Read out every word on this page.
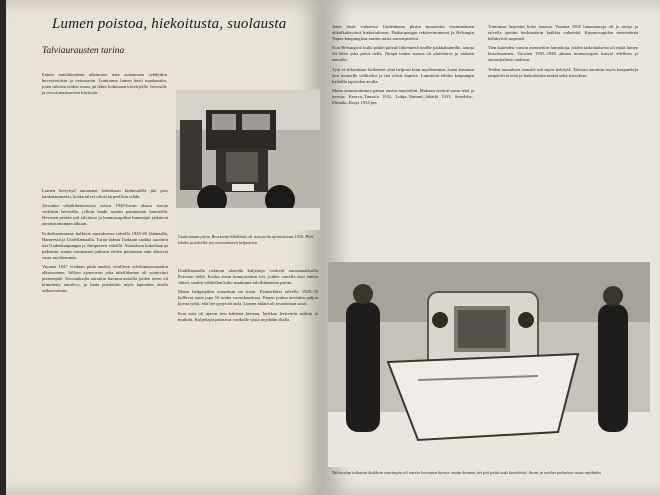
Lumen poistoa, hiekoitusta, suolausta
Talviaurausten tarina

Ennen autoliikenteen alkamista teitä auraamaan ryhdyttiin hevosvetoisin ja vetoauroin. Lumiaurat lumen kesti maakuntiin, joten talvisin teiden osuus jäi lähes kokonaan kävelijöille, hevosille ja reessä matkaavien käyttöön.

Lumen kertyttyä aurausten heinäkuun korkeudelle jää pois hankalammaksi, koska talvet olivat tarpeellisia tehdä.

Joissakin vähäliikenteisissä osissa 1920-luvun alussa auroja vedettiin hevosilla, jolloin hanki saatiin painumaan lumiteillä. Hevosen perään tuli talvitieto ja kunnossapidon lumenajot jatkuivat auraustoiminnan alkuun.

Kokeiluautomme kulkivat aurauksessa talvella 1925-26 Jäämaalla, Hämeessä ja Uudellamaalla. Turun läänin Turkuun saakka aurattiin tiet Uudenkaupungin ja Tampereen väleillä. Aurauksen kokeiluajoja jatkettiin, mutta varsinaiset jatkuvat teiden pitäminen auki alkoivat vasta myöhemmin.

Vuonna 1927 voidaan pitää ensiksi virallisen talvikunnossapidon alkuvuotena. Silloin ajoneuvon joka talviliikenne oli syntyvästi pienempää. Tieosuuksilla aurattiin kuorma-autoilla joiden eteen oli kiinnitetty auralevy, ja lunta poistettiin myös lapioiden avulla talkoovoimin.

Uudenmaan piirin Brockway-lähdöistä oli varusteltu ajoneuvosta 1930. Piiri lehdet ja talvella tiet auraamiseen kelpasivat.

Uudellamaalla tielaiton alueella kuljettaja viettivät aurausmatkoilla Porvoon tiellä. Koska ensin kunnostettiin tiet, joiden varrella asui eniten väkeä, saatiin vähitellen koko maakunta talviliikenteen piiriin.

Mutta helppojakin aurauksia on kerta. Esimerkiksi talvella 1929–30 kulkivat aurat jopa 16 tuntia vuorokaudessa. Ennen joulua tarvittiin paljon kovaa työtä, että tiet pysyivät auki. Lumen määrä oli tavattoman suuri.

Kun aura oli ajanut tien kahteen kertaan, hiekkaa levitettiin mäkiin ja mutkiin. Kuljettajat palasivat varikolle vasta myöhään illalla.

Joten tässä vaiheessa Uudenmaan piiriin muutettiin ensimmäinen alikulkukäytävä hiekoitukseen. Pääkaupungin rekisterinumerot ja Helsingin Vapaa-kaupungissa saatiin uusia aurauspisteitä.

Kun Helsingistä kulki pitkin päivää liikennettä muille paikkakunnille, autoja oli lähes joka päivä tiellä. Niinpä teiden auraus oli aloitettava jo varhain aamulla.

Työt ei silloinkaan kulkeneet yhtä helposti kuin myöhemmin. Lumi kasautui tien reunoille vallitsiksi ja tiet olivat kapeita. Lumitöitä tehtiin kaupungin kaduilla lapioiden avulla.

Mutta auraustoiminta painui uusiin muotoihin. Mukaan otettiin uusia teitä ja tieosia: Kerava–Tuusula 1932, Lohja–Nummi–Jäkärlä 1933, Smedsby–Elimäki–Korja 1934 jne.

Toimintaa laajentui koko maassa. Vuonna 1935 lumenauroja oli jo satoja ja talvella ajettiin keskimäärin kaikkia valtateitä. Kunnossapidon menetelmät kehittyivät nopeasti.

Tien kaiteiden varsiin asennettiin lumiaitoja, joiden tarkoituksena oli estää lumen kinostuminen. Vuosien 1935–1940 aikana kunnossapito kasvoi edelleen ja aurauskalusto uudistui.

Teiden aurauksen rinnalle tuli myös tiehöylä. Talvisin aurattiin myös kaupunkeja ympäröiviä teitä ja hiekoitettiin mäkiä sekä risteyksiä.

Talvisodan taikaisin kaikkein suurimpia oli varsin korvaava kurssi: mutta kunnon tiet piti pitää auki lumitöistä. Aurat ja miehet palasivat vasta myöhään.
